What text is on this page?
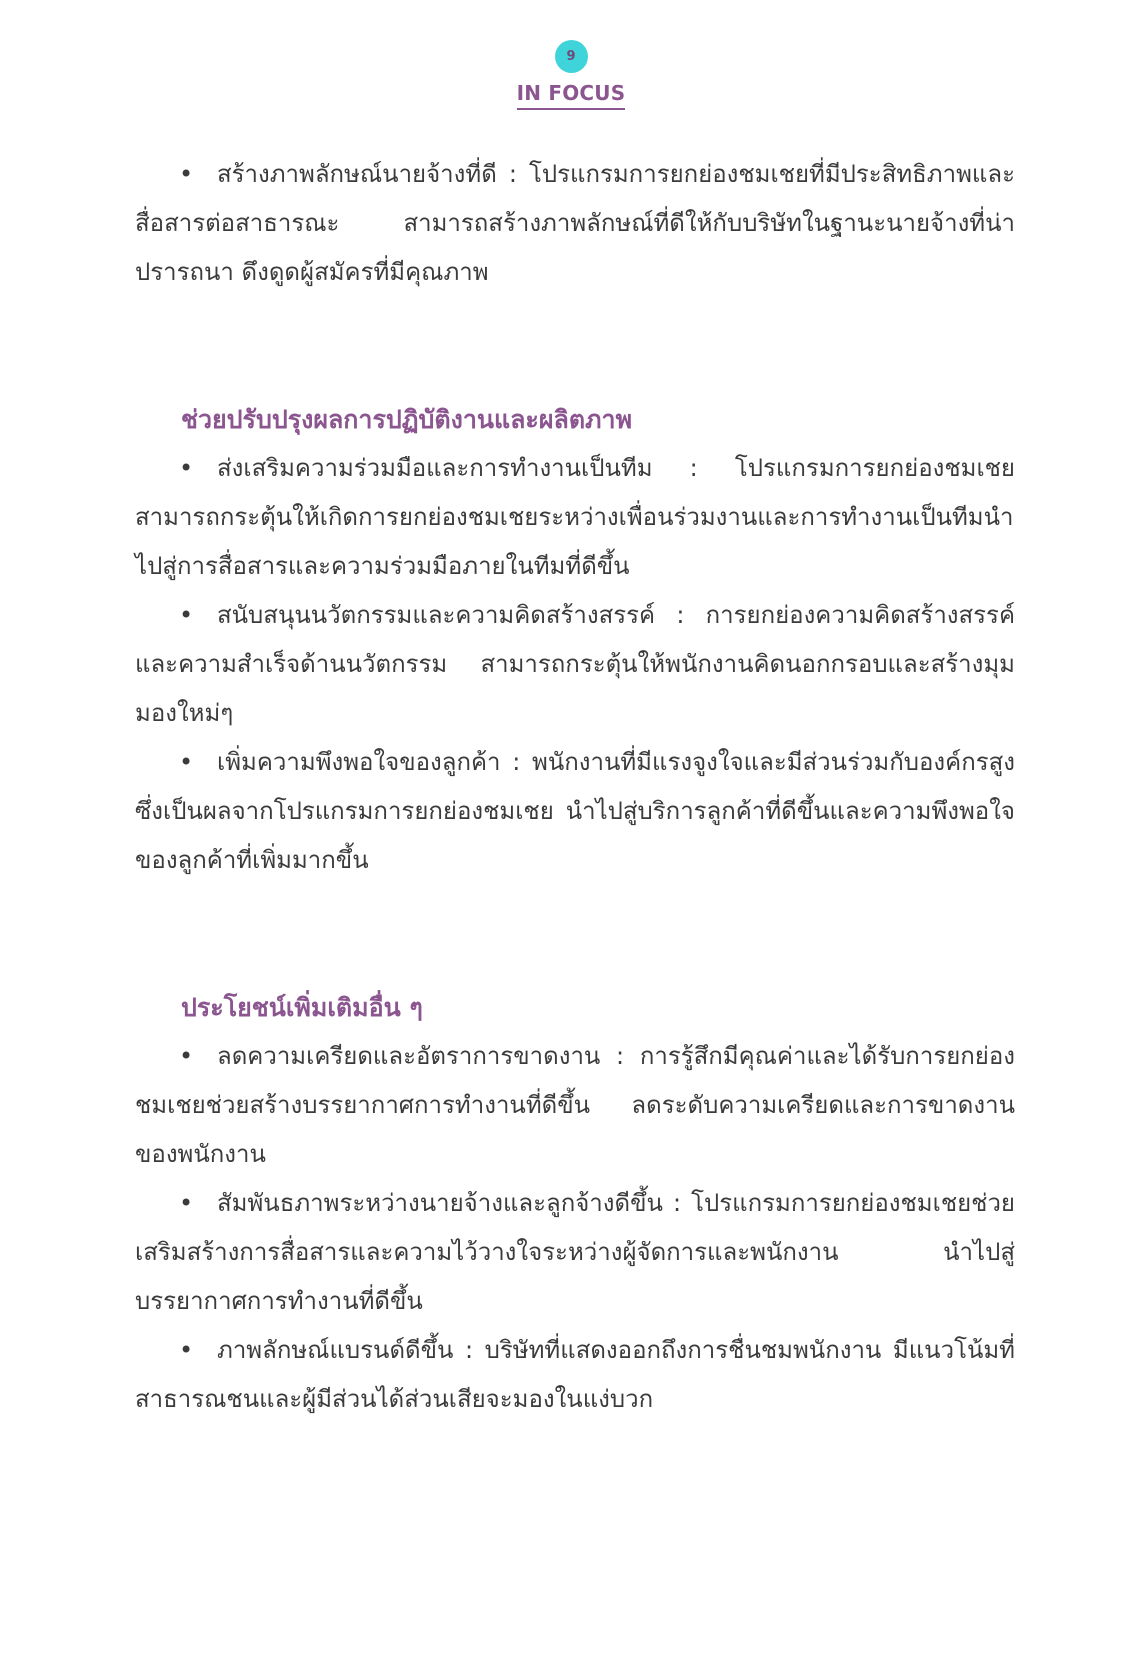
9
IN FOCUS

• สร้างภาพลักษณ์นายจ้างที่ดี : โปรแกรมการยกย่องชมเชยที่มีประสิทธิภาพและสื่อสารต่อสาธารณะ สามารถสร้างภาพลักษณ์ที่ดีให้กับบริษัทในฐานะนายจ้างที่น่าปรารถนา ดึงดูดผู้สมัครที่มีคุณภาพ

ช่วยปรับปรุงผลการปฏิบัติงานและผลิตภาพ

• ส่งเสริมความร่วมมือและการทำงานเป็นทีม : โปรแกรมการยกย่องชมเชยสามารถกระตุ้นให้เกิดการยกย่องชมเชยระหว่างเพื่อนร่วมงานและการทำงานเป็นทีมนำไปสู่การสื่อสารและความร่วมมือภายในทีมที่ดีขึ้น

• สนับสนุนนวัตกรรมและความคิดสร้างสรรค์ : การยกย่องความคิดสร้างสรรค์และความสำเร็จด้านนวัตกรรม สามารถกระตุ้นให้พนักงานคิดนอกกรอบและสร้างมุมมองใหม่ๆ

• เพิ่มความพึงพอใจของลูกค้า : พนักงานที่มีแรงจูงใจและมีส่วนร่วมกับองค์กรสูงซึ่งเป็นผลจากโปรแกรมการยกย่องชมเชย นำไปสู่บริการลูกค้าที่ดีขึ้นและความพึงพอใจของลูกค้าที่เพิ่มมากขึ้น

ประโยชน์เพิ่มเติมอื่น ๆ

• ลดความเครียดและอัตราการขาดงาน : การรู้สึกมีคุณค่าและได้รับการยกย่องชมเชยช่วยสร้างบรรยากาศการทำงานที่ดีขึ้น ลดระดับความเครียดและการขาดงานของพนักงาน

• สัมพันธภาพระหว่างนายจ้างและลูกจ้างดีขึ้น : โปรแกรมการยกย่องชมเชยช่วยเสริมสร้างการสื่อสารและความไว้วางใจระหว่างผู้จัดการและพนักงาน นำไปสู่บรรยากาศการทำงานที่ดีขึ้น

• ภาพลักษณ์แบรนด์ดีขึ้น : บริษัทที่แสดงออกถึงการชื่นชมพนักงาน มีแนวโน้มที่สาธารณชนและผู้มีส่วนได้ส่วนเสียจะมองในแง่บวก
